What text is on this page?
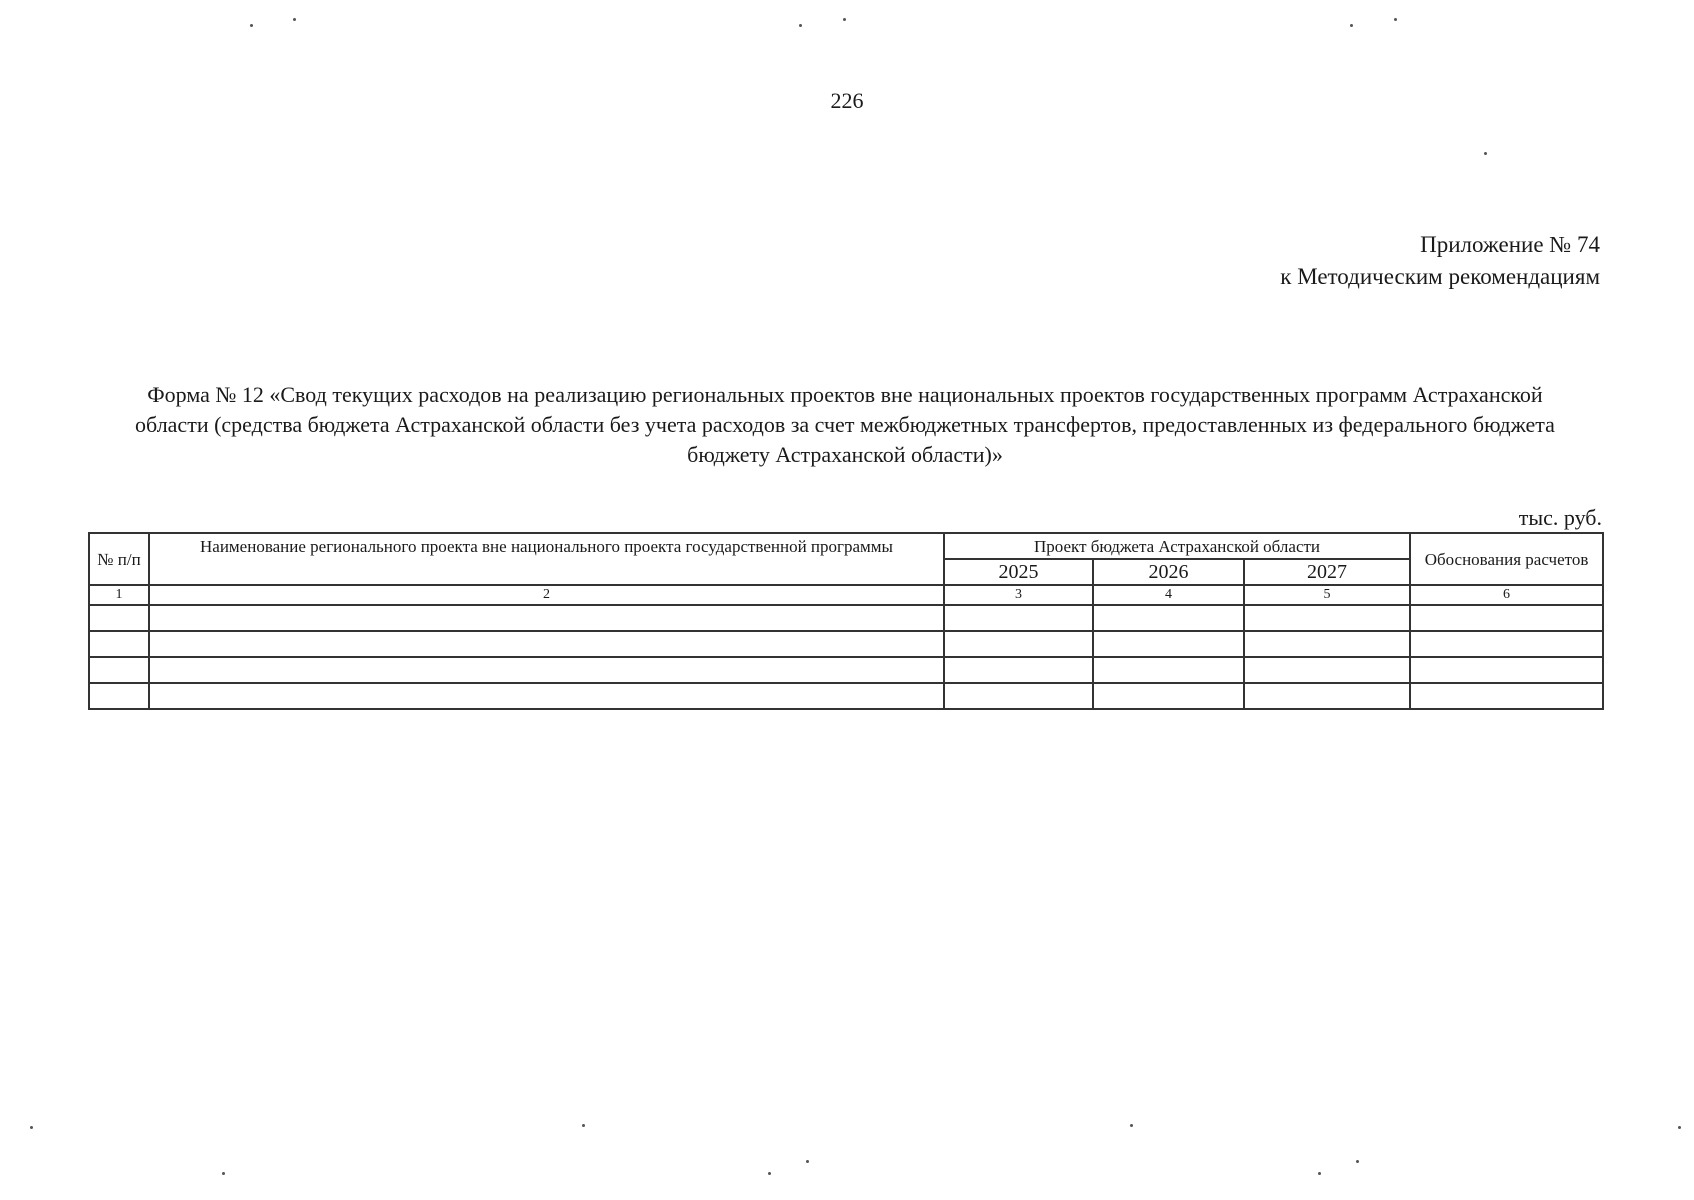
226
Приложение № 74
к Методическим рекомендациям
Форма № 12 «Свод текущих расходов на реализацию региональных проектов вне национальных проектов государственных программ Астраханской области (средства бюджета Астраханской области без учета расходов за счет межбюджетных трансфертов, предоставленных из федерального бюджета бюджету Астраханской области)»
тыс. руб.
№ п/п	Наименование регионального проекта вне национального проекта государственной программы	Проект бюджета Астраханской области			Обоснования расчетов
		2025	2026	2027	
1	2	3	4	5	6
